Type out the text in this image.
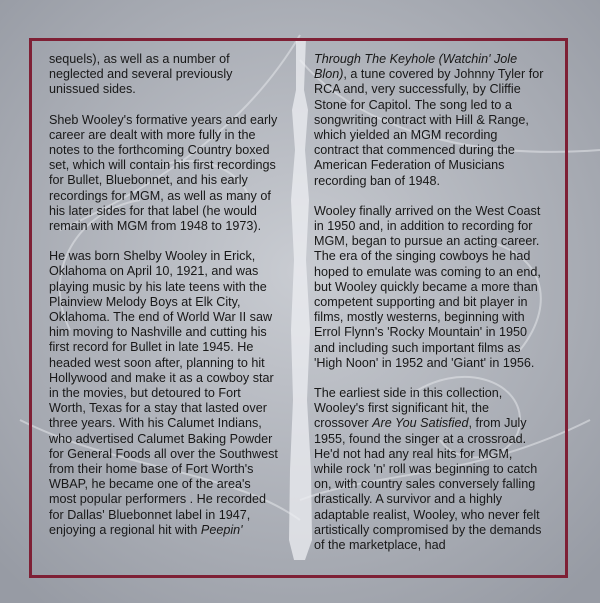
sequels), as well as a number of neglected and several previously unissued sides.

Sheb Wooley's formative years and early career are dealt with more fully in the notes to the forthcoming Country boxed set, which will contain his first recordings for Bullet, Bluebonnet, and his early recordings for MGM, as well as many of his later sides for that label (he would remain with MGM from 1948 to 1973).

He was born Shelby Wooley in Erick, Oklahoma on April 10, 1921, and was playing music by his late teens with the Plainview Melody Boys at Elk City, Oklahoma. The end of World War II saw him moving to Nashville and cutting his first record for Bullet in late 1945. He headed west soon after, planning to hit Hollywood and make it as a cowboy star in the movies, but detoured to Fort Worth, Texas for a stay that lasted over three years. With his Calumet Indians, who advertised Calumet Baking Powder for General Foods all over the Southwest from their home base of Fort Worth's WBAP, he became one of the area's most popular performers . He recorded for Dallas' Bluebonnet label in 1947, enjoying a regional hit with Peepin'

Through The Keyhole (Watchin' Jole Blon), a tune covered by Johnny Tyler for RCA and, very successfully, by Cliffie Stone for Capitol. The song led to a songwriting contract with Hill & Range, which yielded an MGM recording contract that commenced during the American Federation of Musicians recording ban of 1948.

Wooley finally arrived on the West Coast in 1950 and, in addition to recording for MGM, began to pursue an acting career. The era of the singing cowboys he had hoped to emulate was coming to an end, but Wooley quickly became a more than competent supporting and bit player in films, mostly westerns, beginning with Errol Flynn's 'Rocky Mountain' in 1950 and including such important films as 'High Noon' in 1952 and 'Giant' in 1956.

The earliest side in this collection, Wooley's first significant hit, the crossover Are You Satisfied, from July 1955, found the singer at a crossroad. He'd not had any real hits for MGM, while rock 'n' roll was beginning to catch on, with country sales conversely falling drastically. A survivor and a highly adaptable realist, Wooley, who never felt artistically compromised by the demands of the marketplace, had
